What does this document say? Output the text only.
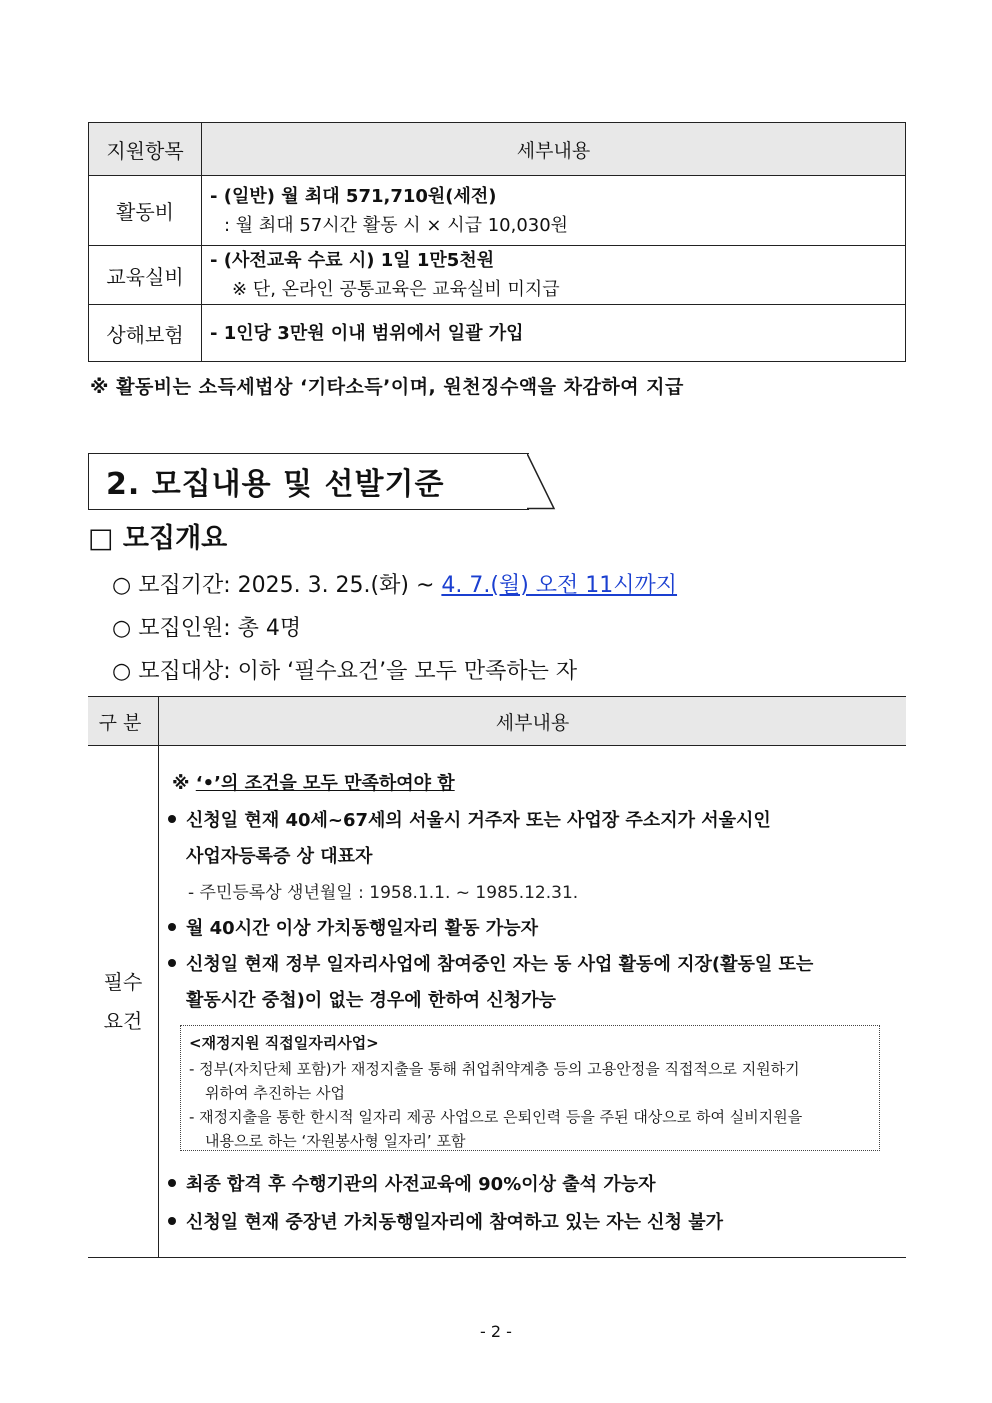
지원항목	세부내용
활동비	- (일반) 월 최대 571,710원(세전)
: 월 최대 57시간 활동 시 × 시급 10,030원

교육실비	- (사전교육 수료 시) 1일 1만5천원
※ 단, 온라인 공통교육은 교육실비 미지급

상해보험	- 1인당 3만원 이내 범위에서 일괄 가입
※ 활동비는 소득세법상 ‘기타소득’이며, 원천징수액을 차감하여 지급
2. 모집내용 및 선발기준
□ 모집개요
○ 모집기간: 2025. 3. 25.(화) ~ 4. 7.(월) 오전 11시까지
○ 모집인원: 총 4명
○ 모집대상: 이하 ‘필수요건’을 모두 만족하는 자
구분	세부내용
필수
요건
※ ‘•’의 조건을 모두 만족하여야 함
신청일 현재 40세~67세의 서울시 거주자 또는 사업장 주소지가 서울시인
사업자등록증 상 대표자
- 주민등록상 생년월일 : 1958.1.1. ~ 1985.12.31.
월 40시간 이상 가치동행일자리 활동 가능자
신청일 현재 정부 일자리사업에 참여중인 자는 동 사업 활동에 지장(활동일 또는
활동시간 중첩)이 없는 경우에 한하여 신청가능
<재정지원 직접일자리사업>
- 정부(자치단체 포함)가 재정지출을 통해 취업취약계층 등의 고용안정을 직접적으로 지원하기
위하여 추진하는 사업
- 재정지출을 통한 한시적 일자리 제공 사업으로 은퇴인력 등을 주된 대상으로 하여 실비지원을
내용으로 하는 ‘자원봉사형 일자리’ 포함
최종 합격 후 수행기관의 사전교육에 90%이상 출석 가능자
신청일 현재 중장년 가치동행일자리에 참여하고 있는 자는 신청 불가
- 2 -
